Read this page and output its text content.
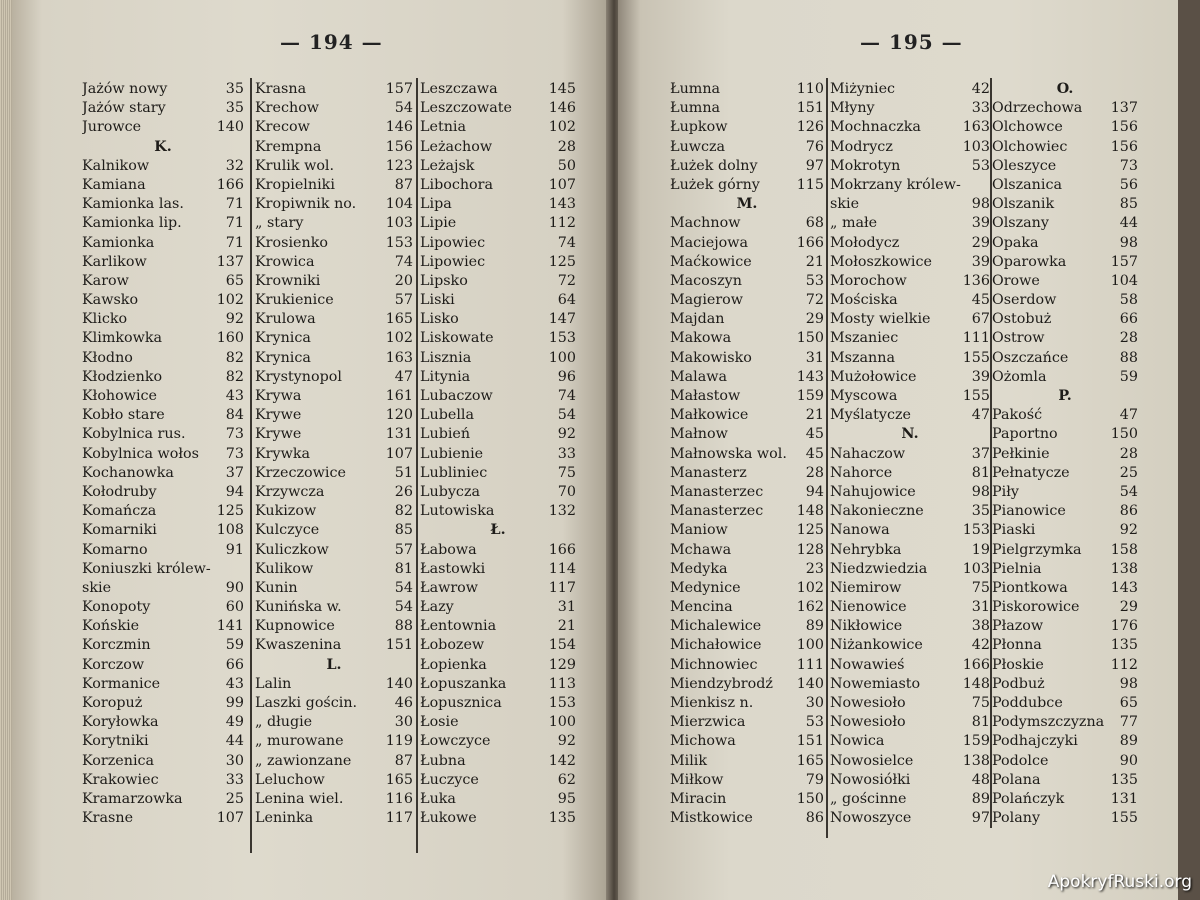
— 194 —
Jażów nowy	35
Jażów stary	35
Jurowce	140
K.
Kalnikow	32
Kamiana	166
Kamionka las.	71
Kamionka lip.	71
Kamionka	71
Karlikow	137
Karow	65
Kawsko	102
Klicko	92
Klimkowka	160
Kłodno	82
Kłodzienko	82
Kłohowice	43
Kobło stare	84
Kobylnica rus.	73
Kobylnica wołos	73
Kochanowka	37
Kołodruby	94
Komańcza	125
Komarniki	108
Komarno	91
Koniuszki królew-
skie	90
Konopoty	60
Końskie	141
Korczmin	59
Korczow	66
Kormanice	43
Koropuż	99
Koryłowka	49
Korytniki	44
Korzenica	30
Krakowiec	33
Kramarzowka	25
Krasne	107
Krasna	157
Krechow	54
Krecow	146
Krempna	156
Krulik wol.	123
Kropielniki	87
Kropiwnik no.	104
„ stary	103
Krosienko	153
Krowica	74
Krowniki	20
Krukienice	57
Krulowa	165
Krynica	102
Krynica	163
Krystynopol	47
Krywa	161
Krywe	120
Krywe	131
Krywka	107
Krzeczowice	51
Krzywcza	26
Kukizow	82
Kulczyce	85
Kuliczkow	57
Kulikow	81
Kunin	54
Kunińska w.	54
Kupnowice	88
Kwaszenina	151
L.
Lalin	140
Laszki gościn.	46
„ długie	30
„ murowane	119
„ zawionzane	87
Leluchow	165
Lenina wiel.	116
Leninka	117
Leszczawa	145
Leszczowate	146
Letnia	102
Leżachow	28
Leżajsk	50
Libochora	107
Lipa	143
Lipie	112
Lipowiec	74
Lipowiec	125
Lipsko	72
Liski	64
Lisko	147
Liskowate	153
Lisznia	100
Litynia	96
Lubaczow	74
Lubella	54
Lubień	92
Lubienie	33
Lubliniec	75
Lubycza	70
Lutowiska	132
Ł.
Łabowa	166
Łastowki	114
Ławrow	117
Łazy	31
Łentownia	21
Łobozew	154
Łopienka	129
Łopuszanka	113
Łopusznica	153
Łosie	100
Łowczyce	92
Łubna	142
Łuczyce	62
Łuka	95
Łukowe	135
— 195 —
Łumna	110
Łumna	151
Łupkow	126
Łuwcza	76
Łużek dolny	97
Łużek górny	115
M.
Machnow	68
Maciejowa	166
Maćkowice	21
Macoszyn	53
Magierow	72
Majdan	29
Makowa	150
Makowisko	31
Malawa	143
Małastow	159
Małkowice	21
Małnow	45
Małnowska wol.	45
Manasterz	28
Manasterzec	94
Manasterzec	148
Maniow	125
Mchawa	128
Medyka	23
Medynice	102
Mencina	162
Michalewice	89
Michałowice	100
Michnowiec	111
Miendzybrodź	140
Mienkisz n.	30
Mierzwica	53
Michowa	151
Milik	165
Miłkow	79
Miracin	150
Mistkowice	86
Miżyniec	42
Młyny	33
Mochnaczka	163
Modrycz	103
Mokrotyn	53
Mokrzany królew-
skie	98
„ małe	39
Mołodycz	29
Mołoszkowice	39
Morochow	136
Mościska	45
Mosty wielkie	67
Mszaniec	111
Mszanna	155
Mużołowice	39
Myscowa	155
Myślatycze	47
N.
Nahaczow	37
Nahorce	81
Nahujowice	98
Nakonieczne	35
Nanowa	153
Nehrybka	19
Niedzwiedzia	103
Niemirow	75
Nienowice	31
Nikłowice	38
Niżankowice	42
Nowawieś	166
Nowemiasto	148
Nowesioło	75
Nowesioło	81
Nowica	159
Nowosielce	138
Nowosiółki	48
„ gościnne	89
Nowoszyce	97
O.
Odrzechowa	137
Olchowce	156
Olchowiec	156
Oleszyce	73
Olszanica	56
Olszanik	85
Olszany	44
Opaka	98
Oparowka	157
Orowe	104
Oserdow	58
Ostobuż	66
Ostrow	28
Oszczańce	88
Ożomla	59
P.
Pakość	47
Paportno	150
Pełkinie	28
Pełnatycze	25
Piły	54
Pianowice	86
Piaski	92
Pielgrzymka	158
Pielnia	138
Piontkowa	143
Piskorowice	29
Płazow	176
Płonna	135
Płoskie	112
Podbuż	98
Poddubce	65
Podymszczyzna	77
Podhajczyki	89
Podolce	90
Polana	135
Polańczyk	131
Polany	155
ApokryfRuski.org
